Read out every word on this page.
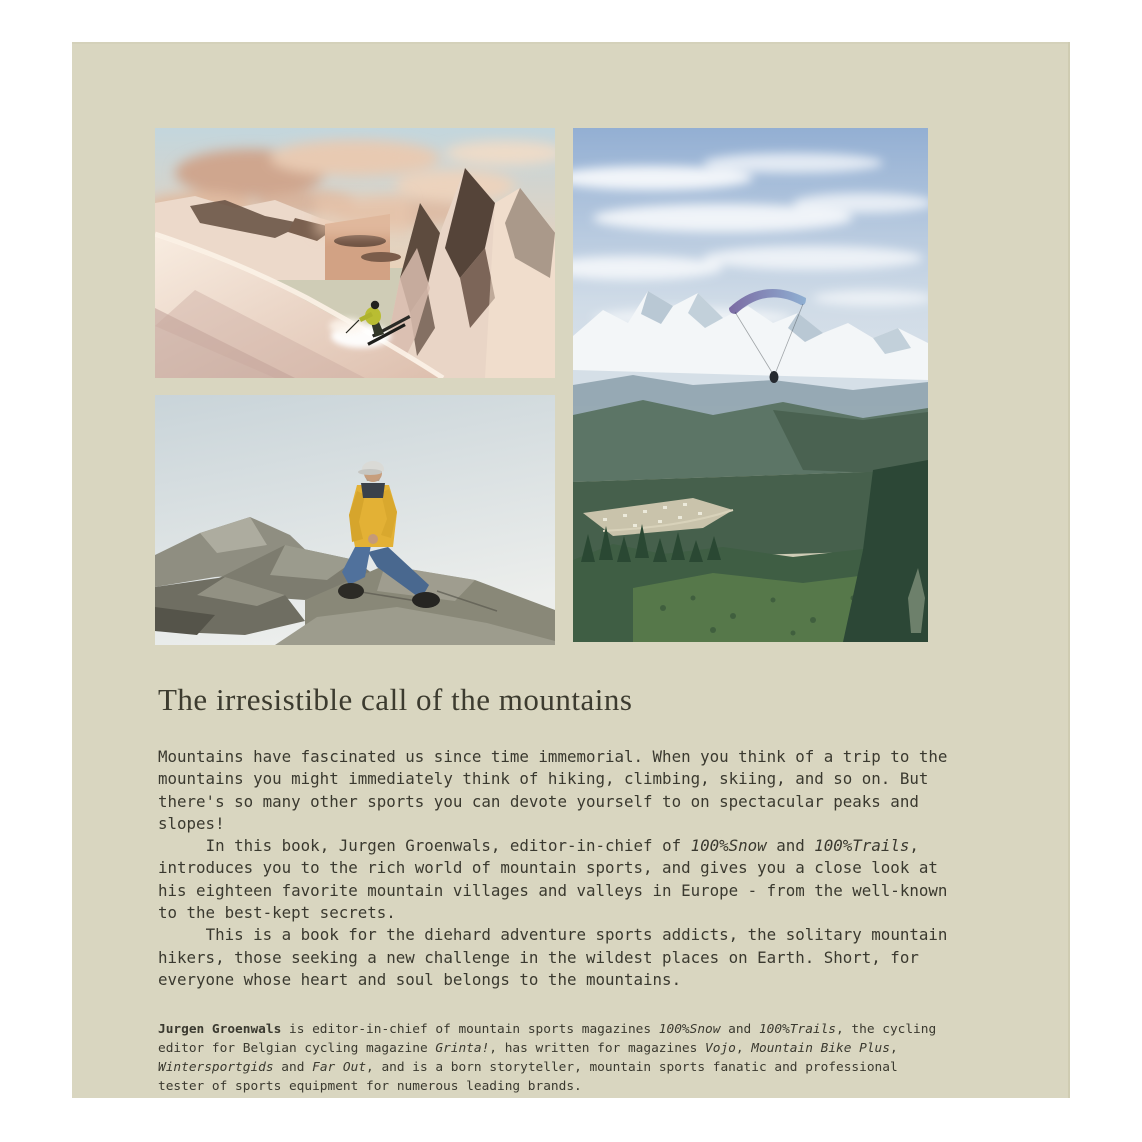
The irresistible call of the mountains

Mountains have fascinated us since time immemorial. When you think of a trip to the mountains you might immediately think of hiking, climbing, skiing, and so on. But there's so many other sports you can devote yourself to on spectacular peaks and slopes!

In this book, Jurgen Groenwals, editor-in-chief of 100%Snow and 100%Trails, introduces you to the rich world of mountain sports, and gives you a close look at his eighteen favorite mountain villages and valleys in Europe - from the well-known to the best-kept secrets.

This is a book for the diehard adventure sports addicts, the solitary mountain hikers, those seeking a new challenge in the wildest places on Earth. Short, for everyone whose heart and soul belongs to the mountains.

Jurgen Groenwals is editor-in-chief of mountain sports magazines 100%Snow and 100%Trails, the cycling editor for Belgian cycling magazine Grinta!, has written for magazines Vojo, Mountain Bike Plus, Wintersportgids and Far Out, and is a born storyteller, mountain sports fanatic and professional tester of sports equipment for numerous leading brands.
